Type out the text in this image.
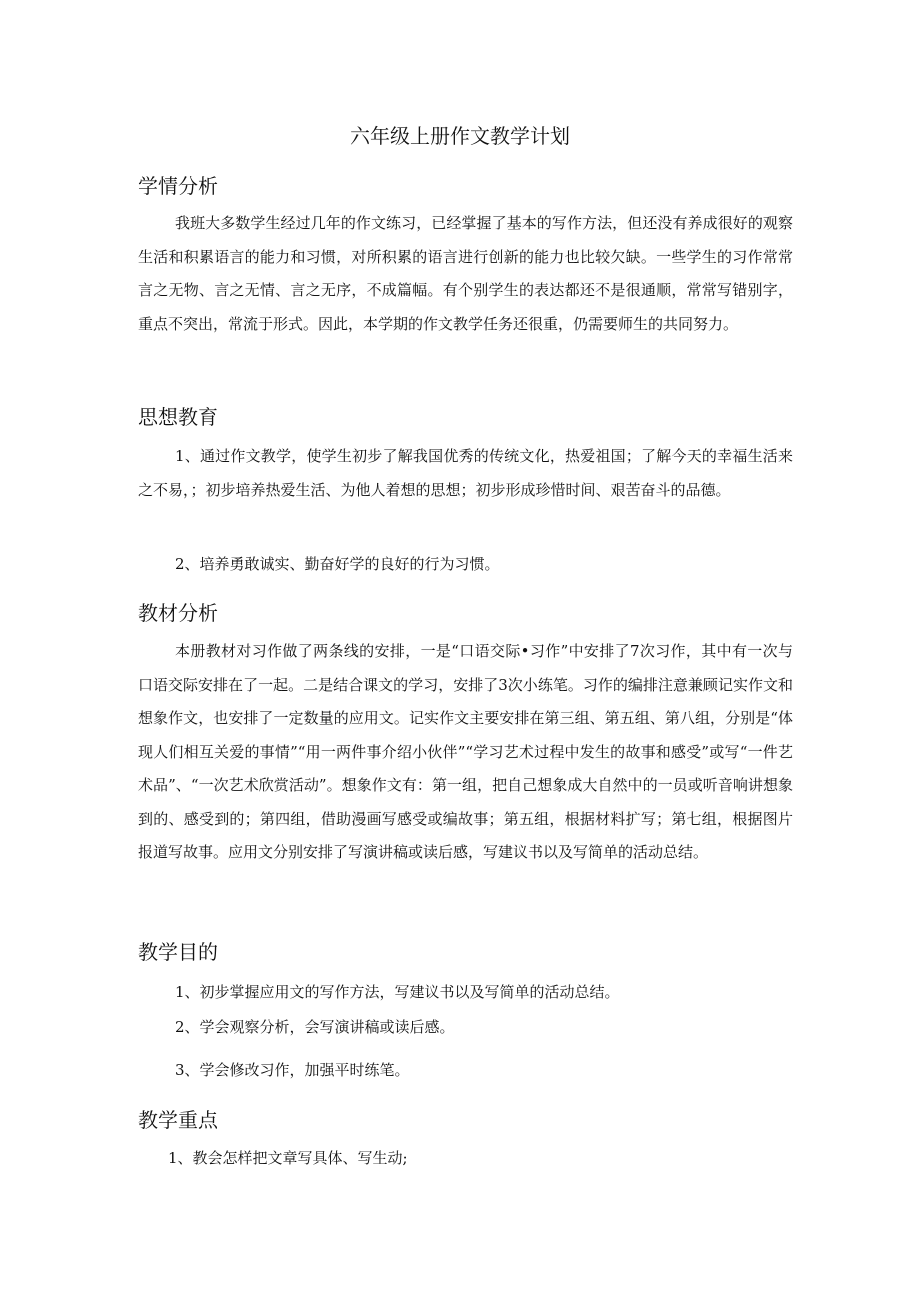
六年级上册作文教学计划
学情分析
我班大多数学生经过几年的作文练习，已经掌握了基本的写作方法，但还没有养成很好的观察生活和积累语言的能力和习惯，对所积累的语言进行创新的能力也比较欠缺。一些学生的习作常常言之无物、言之无情、言之无序，不成篇幅。有个别学生的表达都还不是很通顺，常常写错别字，重点不突出，常流于形式。因此，本学期的作文教学任务还很重，仍需要师生的共同努力。
思想教育
1、通过作文教学，使学生初步了解我国优秀的传统文化，热爱祖国；了解今天的幸福生活来之不易，；初步培养热爱生活、为他人着想的思想；初步形成珍惜时间、艰苦奋斗的品德。
2、培养勇敢诚实、勤奋好学的良好的行为习惯。
教材分析
本册教材对习作做了两条线的安排，一是“口语交际•习作”中安排了7次习作，其中有一次与口语交际安排在了一起。二是结合课文的学习，安排了3次小练笔。习作的编排注意兼顾记实作文和想象作文，也安排了一定数量的应用文。记实作文主要安排在第三组、第五组、第八组，分别是“体现人们相互关爱的事情”“用一两件事介绍小伙伴”“学习艺术过程中发生的故事和感受”或写“一件艺术品”、“一次艺术欣赏活动”。想象作文有：第一组，把自己想象成大自然中的一员或听音响讲想象到的、感受到的；第四组，借助漫画写感受或编故事；第五组，根据材料扩写；第七组，根据图片报道写故事。应用文分别安排了写演讲稿或读后感，写建议书以及写简单的活动总结。
教学目的
1、初步掌握应用文的写作方法，写建议书以及写简单的活动总结。
2、学会观察分析，会写演讲稿或读后感。
3、学会修改习作，加强平时练笔。
教学重点
1、教会怎样把文章写具体、写生动;
